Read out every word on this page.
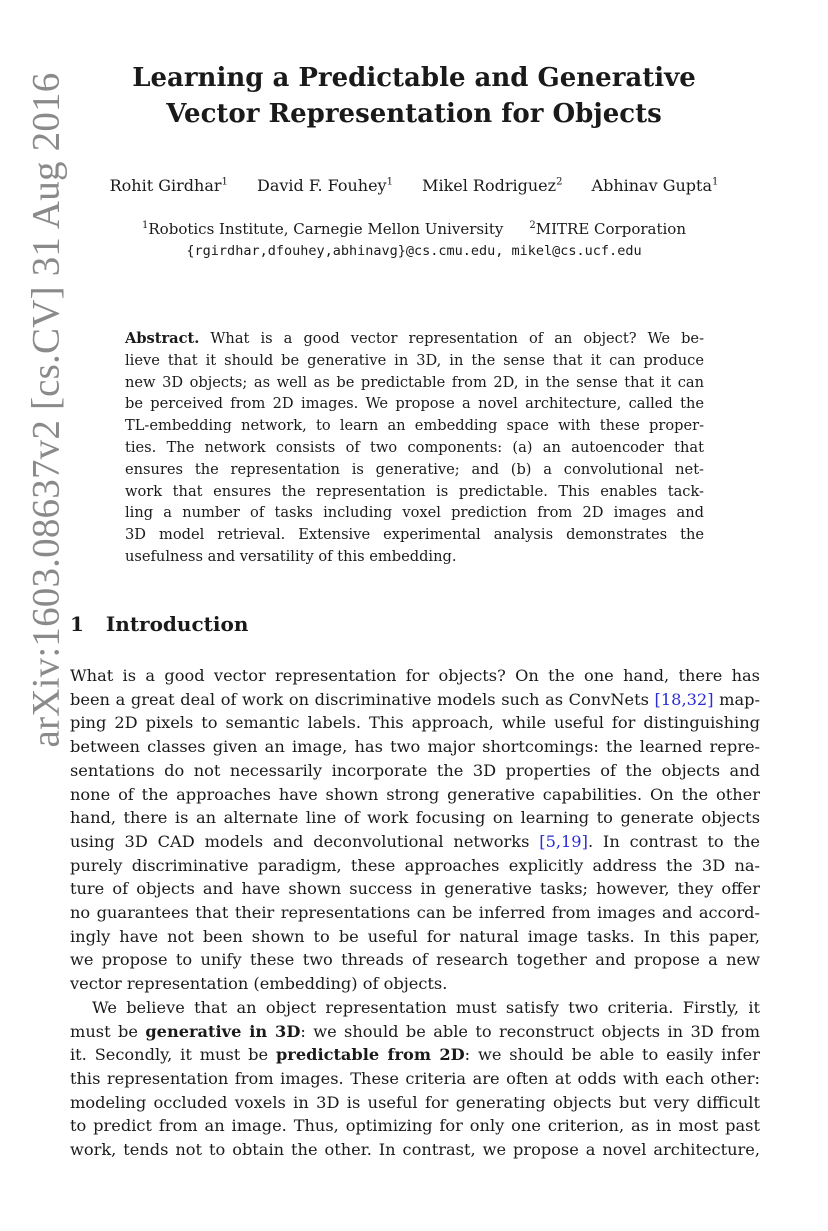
arXiv:1603.08637v2 [cs.CV] 31 Aug 2016	Learning a Predictable and Generative
Vector Representation for Objects
Rohit Girdhar$^1$ David F. Fouhey$^1$ Mikel Rodriguez$^2$ Abhinav Gupta$^1$
$^1$Robotics Institute, Carnegie Mellon University	$^2$MITRE Corporation
{rgirdhar,dfouhey,abhinavg}@cs.cmu.edu, mikel@cs.ucf.edu
Abstract. What is a good vector representation of an object? We be-
lieve that it should be generative in 3D, in the sense that it can produce
new 3D objects; as well as be predictable from 2D, in the sense that it can
be perceived from 2D images. We propose a novel architecture, called the
TL-embedding network, to learn an embedding space with these proper-
ties. The network consists of two components: (a) an autoencoder that
ensures the representation is generative; and (b) a convolutional net-
work that ensures the representation is predictable. This enables tack-
ling a number of tasks including voxel prediction from 2D images and
3D model retrieval. Extensive experimental analysis demonstrates the
usefulness and versatility of this embedding.
1 Introduction
What is a good vector representation for objects? On the one hand, there has
been a great deal of work on discriminative models such as ConvNets [18,32] map-
ping 2D pixels to semantic labels. This approach, while useful for distinguishing
between classes given an image, has two major shortcomings: the learned repre-
sentations do not necessarily incorporate the 3D properties of the objects and
none of the approaches have shown strong generative capabilities. On the other
hand, there is an alternate line of work focusing on learning to generate objects
using 3D CAD models and deconvolutional networks [5,19]. In contrast to the
purely discriminative paradigm, these approaches explicitly address the 3D na-
ture of objects and have shown success in generative tasks; however, they offer
no guarantees that their representations can be inferred from images and accord-
ingly have not been shown to be useful for natural image tasks. In this paper,
we propose to unify these two threads of research together and propose a new
vector representation (embedding) of objects.
We believe that an object representation must satisfy two criteria. Firstly, it
must be generative in 3D: we should be able to reconstruct objects in 3D from
it. Secondly, it must be predictable from 2D: we should be able to easily infer
this representation from images. These criteria are often at odds with each other:
modeling occluded voxels in 3D is useful for generating objects but very difficult
to predict from an image. Thus, optimizing for only one criterion, as in most past
work, tends not to obtain the other. In contrast, we propose a novel architecture,
